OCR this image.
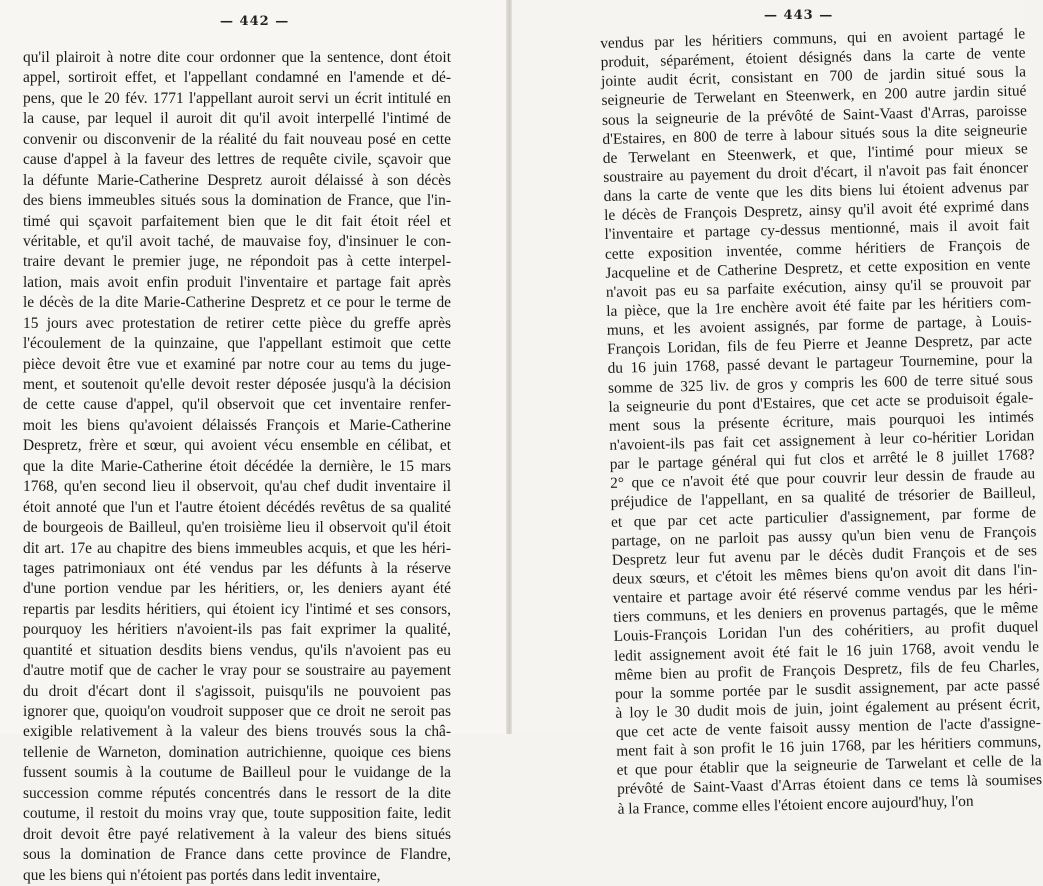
— 442 —
qu'il plairoit à notre dite cour ordonner que la sentence, dont étoit
appel, sortiroit effet, et l'appellant condamné en l'amende et dé-
pens, que le 20 fév. 1771 l'appellant auroit servi un écrit intitulé en
la cause, par lequel il auroit dit qu'il avoit interpellé l'intimé de
convenir ou disconvenir de la réalité du fait nouveau posé en cette
cause d'appel à la faveur des lettres de requête civile, sçavoir que
la défunte Marie-Catherine Despretz auroit délaissé à son décès
des biens immeubles situés sous la domination de France, que l'in-
timé qui sçavoit parfaitement bien que le dit fait étoit réel et
véritable, et qu'il avoit taché, de mauvaise foy, d'insinuer le con-
traire devant le premier juge, ne répondoit pas à cette interpel-
lation, mais avoit enfin produit l'inventaire et partage fait après
le décès de la dite Marie-Catherine Despretz et ce pour le terme de
15 jours avec protestation de retirer cette pièce du greffe après
l'écoulement de la quinzaine, que l'appellant estimoit que cette
pièce devoit être vue et examiné par notre cour au tems du juge-
ment, et soutenoit qu'elle devoit rester déposée jusqu'à la décision
de cette cause d'appel, qu'il observoit que cet inventaire renfer-
moit les biens qu'avoient délaissés François et Marie-Catherine
Despretz, frère et sœur, qui avoient vécu ensemble en célibat, et
que la dite Marie-Catherine étoit décédée la dernière, le 15 mars
1768, qu'en second lieu il observoit, qu'au chef dudit inventaire il
étoit annoté que l'un et l'autre étoient décédés revêtus de sa qualité
de bourgeois de Bailleul, qu'en troisième lieu il observoit qu'il étoit
dit art. 17e au chapitre des biens immeubles acquis, et que les héri-
tages patrimoniaux ont été vendus par les défunts à la réserve
d'une portion vendue par les héritiers, or, les deniers ayant été
repartis par lesdits héritiers, qui étoient icy l'intimé et ses consors,
pourquoy les héritiers n'avoient-ils pas fait exprimer la qualité,
quantité et situation desdits biens vendus, qu'ils n'avoient pas eu
d'autre motif que de cacher le vray pour se soustraire au payement
du droit d'écart dont il s'agissoit, puisqu'ils ne pouvoient pas
ignorer que, quoiqu'on voudroit supposer que ce droit ne seroit pas
exigible relativement à la valeur des biens trouvés sous la châ-
tellenie de Warneton, domination autrichienne, quoique ces biens
fussent soumis à la coutume de Bailleul pour le vuidange de la
succession comme réputés concentrés dans le ressort de la dite
coutume, il restoit du moins vray que, toute supposition faite, ledit
droit devoit être payé relativement à la valeur des biens situés
sous la domination de France dans cette province de Flandre,
que les biens qui n'étoient pas portés dans ledit inventaire,
— 443 —
vendus par les héritiers communs, qui en avoient partagé le
produit, séparément, étoient désignés dans la carte de vente
jointe audit écrit, consistant en 700 de jardin situé sous la
seigneurie de Terwelant en Steenwerk, en 200 autre jardin situé
sous la seigneurie de la prévôté de Saint-Vaast d'Arras, paroisse
d'Estaires, en 800 de terre à labour situés sous la dite seigneurie
de Terwelant en Steenwerk, et que, l'intimé pour mieux se
soustraire au payement du droit d'écart, il n'avoit pas fait énoncer
dans la carte de vente que les dits biens lui étoient advenus par
le décès de François Despretz, ainsy qu'il avoit été exprimé dans
l'inventaire et partage cy-dessus mentionné, mais il avoit fait
cette exposition inventée, comme héritiers de François de
Jacqueline et de Catherine Despretz, et cette exposition en vente
n'avoit pas eu sa parfaite exécution, ainsy qu'il se prouvoit par
la pièce, que la 1re enchère avoit été faite par les héritiers com-
muns, et les avoient assignés, par forme de partage, à Louis-
François Loridan, fils de feu Pierre et Jeanne Despretz, par acte
du 16 juin 1768, passé devant le partageur Tournemine, pour la
somme de 325 liv. de gros y compris les 600 de terre situé sous
la seigneurie du pont d'Estaires, que cet acte se produisoit égale-
ment sous la présente écriture, mais pourquoi les intimés
n'avoient-ils pas fait cet assignement à leur co-héritier Loridan
par le partage général qui fut clos et arrêté le 8 juillet 1768?
2° que ce n'avoit été que pour couvrir leur dessin de fraude au
préjudice de l'appellant, en sa qualité de trésorier de Bailleul,
et que par cet acte particulier d'assignement, par forme de
partage, on ne parloit pas aussy qu'un bien venu de François
Despretz leur fut avenu par le décès dudit François et de ses
deux sœurs, et c'étoit les mêmes biens qu'on avoit dit dans l'in-
ventaire et partage avoir été réservé comme vendus par les héri-
tiers communs, et les deniers en provenus partagés, que le même
Louis-François Loridan l'un des cohéritiers, au profit duquel
ledit assignement avoit été fait le 16 juin 1768, avoit vendu le
même bien au profit de François Despretz, fils de feu Charles,
pour la somme portée par le susdit assignement, par acte passé
à loy le 30 dudit mois de juin, joint également au présent écrit,
que cet acte de vente faisoit aussy mention de l'acte d'assigne-
ment fait à son profit le 16 juin 1768, par les héritiers communs,
et que pour établir que la seigneurie de Tarwelant et celle de la
prévôté de Saint-Vaast d'Arras étoient dans ce tems là soumises
à la France, comme elles l'étoient encore aujourd'huy, l'on
